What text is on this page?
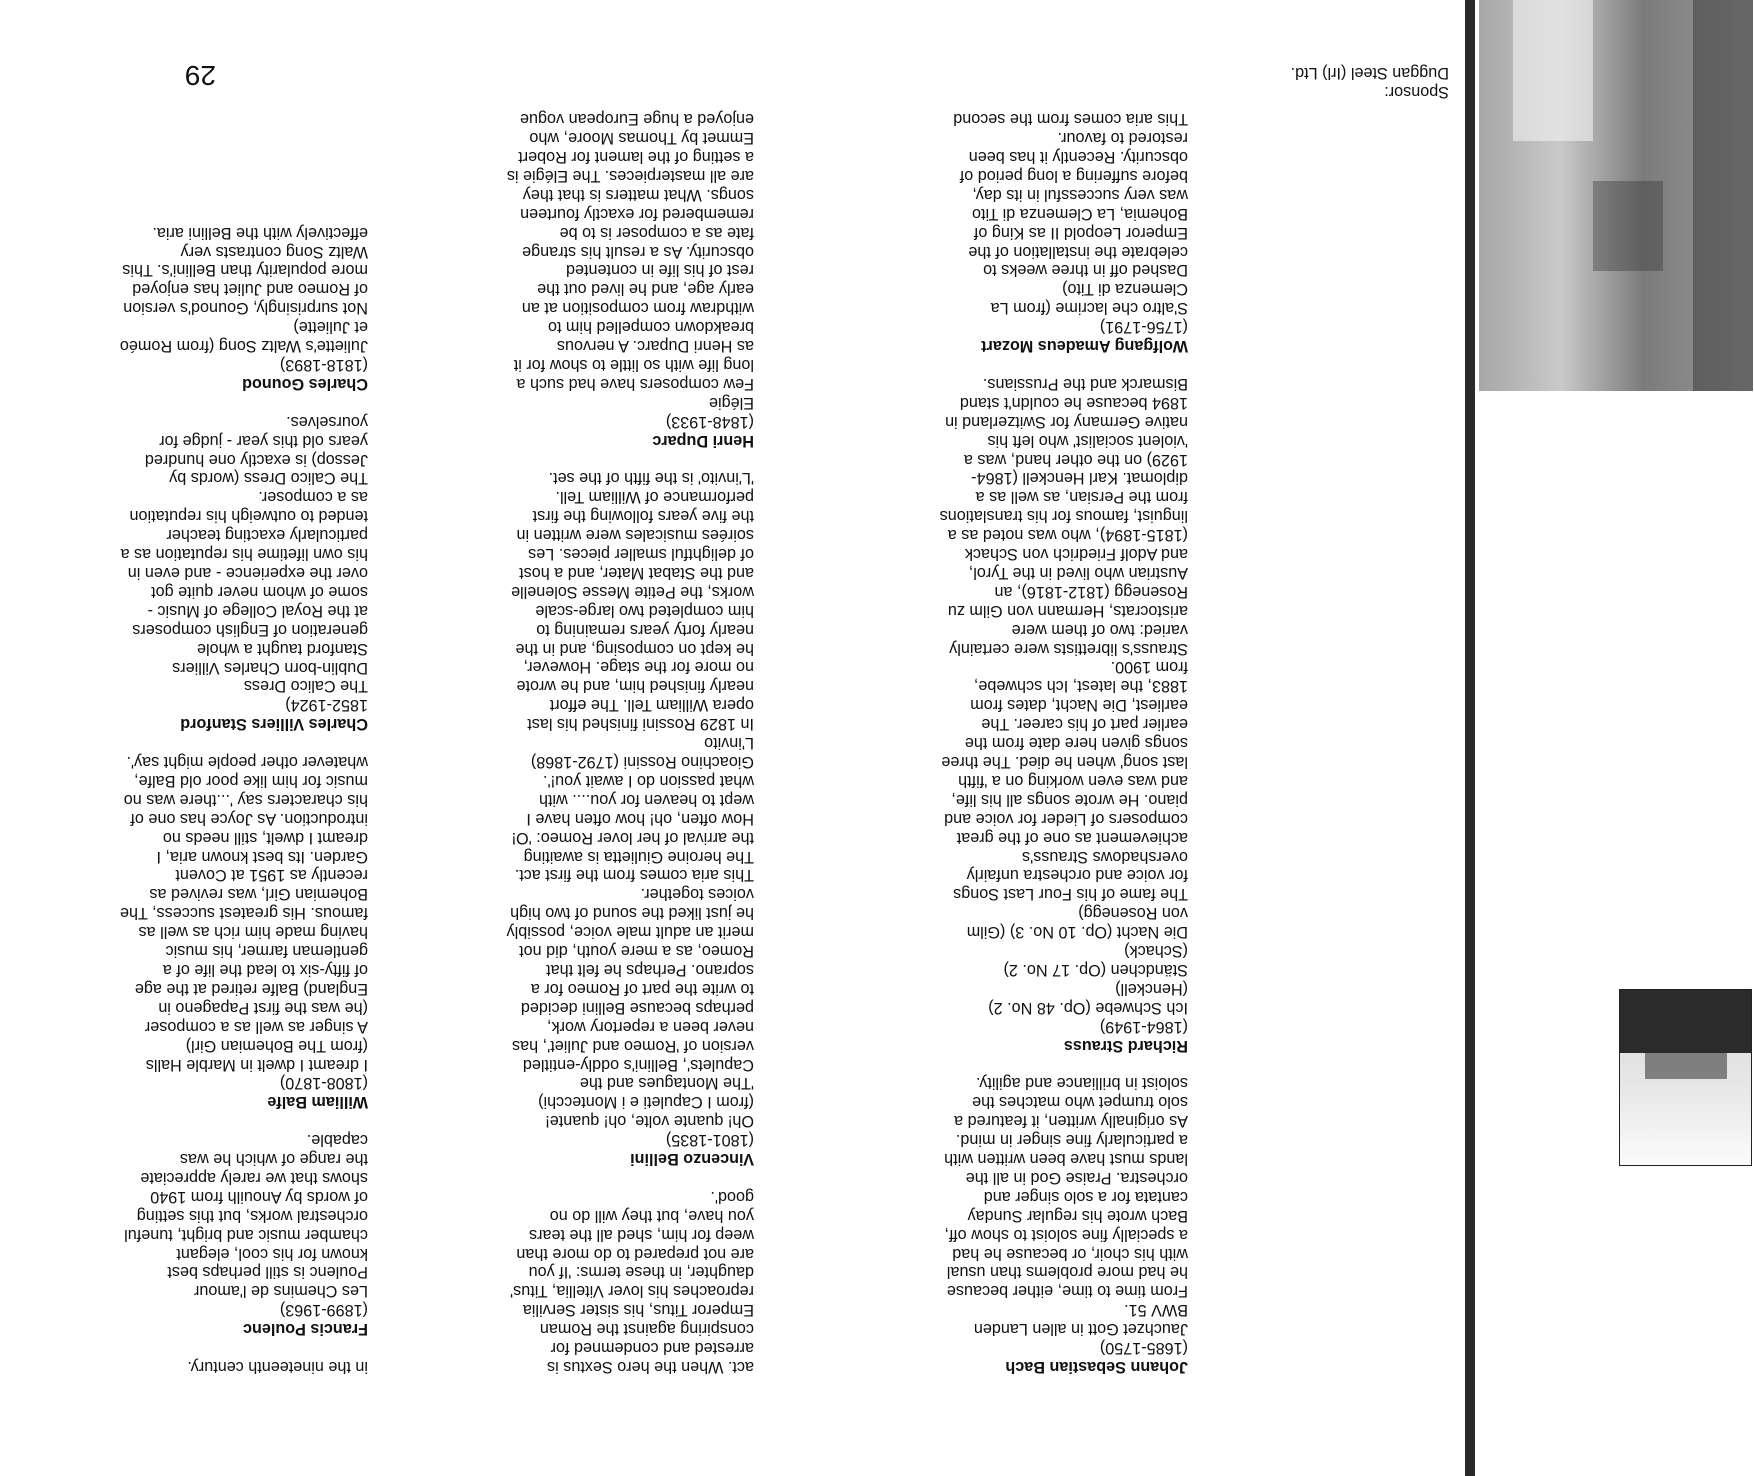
Sponsor:
Duggan Steel (Irl) Ltd.
Johann Sebastian Bach

(1685-1750)
Jauchzet Gott in allen Landen
BWV 51.
From time to time, either because
he had more problems than usual
with his choir, or because he had
a specially fine soloist to show off,
Bach wrote his regular Sunday
cantata for a solo singer and
orchestra. Praise God in all the
lands must have been written with
a particularly fine singer in mind.
As originally written, it featured a
solo trumpet who matches the
soloist in brilliance and agility.

Richard Strauss

(1864-1949)
Ich Schwebe (Op. 48 No. 2)
(Henckell)
Ständchen (Op. 17 No. 2)
(Schack)
Die Nacht (Op. 10 No. 3) (Gilm
von Rosenegg)
The fame of his Four Last Songs
for voice and orchestra unfairly
overshadows Strauss's
achievement as one of the great
composers of Lieder for voice and
piano. He wrote songs all his life,
and was even working on a 'fifth
last song' when he died. The three
songs given here date from the
earlier part of his career. The
earliest, Die Nacht, dates from
1883, the latest, Ich schwebe,
from 1900.
Strauss's librettists were certainly
varied: two of them were
aristocrats, Hermann von Gilm zu
Rosenegg (1812-1816), an
Austrian who lived in the Tyrol,
and Adolf Friedrich von Schack
(1815-1894), who was noted as a
linguist, famous for his translations
from the Persian, as well as a
diplomat. Karl Henckell (1864-
1929) on the other hand, was a
'violent socialist' who left his
native Germany for Switzerland in
1894 because he couldn't stand
Bismarck and the Prussians.

Wolfgang Amadeus Mozart

(1756-1791)
S'altro che lacrime (from La
Clemenza di Tito)
Dashed off in three weeks to
celebrate the installation of the
Emperor Leopold II as King of
Bohemia, La Clemenza di Tito
was very successful in its day,
before suffering a long period of
obscurity. Recently it has been
restored to favour.
This aria comes from the second

act. When the hero Sextus is
arrested and condemned for
conspiring against the Roman
Emperor Titus, his sister Servilia
reproaches his lover Vitellia, Titus'
daughter, in these terms: 'If you
are not prepared to do more than
weep for him, shed all the tears
you have, but they will do no
good'.

Vincenzo Bellini

(1801-1835)
Oh! quante volte, oh! quante!
(from I Capuleti e i Montecchi)
'The Montagues and the
Capulets', Bellini's oddly-entitled
version of 'Romeo and Juliet', has
never been a repertory work,
perhaps because Bellini decided
to write the part of Romeo for a
soprano. Perhaps he felt that
Romeo, as a mere youth, did not
merit an adult male voice, possibly
he just liked the sound of two high
voices together.
This aria comes from the first act.
The heroine Giulietta is awaiting
the arrival of her lover Romeo: 'O!
How often, oh! how often have I
wept to heaven for you.... with
what passion do I await you!'.
Gioachino Rossini (1792-1868)
L'invito
In 1829 Rossini finished his last
opera William Tell. The effort
nearly finished him, and he wrote
no more for the stage. However,
he kept on composing, and in the
nearly forty years remaining to
him completed two large-scale
works, the Petite Messe Solenelle
and the Stabat Mater, and a host
of delightful smaller pieces. Les
soirées musicales were written in
the five years following the first
performance of William Tell.
'L'invito' is the fifth of the set.

Henri Duparc

(1848-1933)
Elégie
Few composers have had such a
long life with so little to show for it
as Henri Duparc. A nervous
breakdown compelled him to
withdraw from composition at an
early age, and he lived out the
rest of his life in contented
obscurity. As a result his strange
fate as a composer is to be
remembered for exactly fourteen
songs. What matters is that they
are all masterpieces. The Elégie is
a setting of the lament for Robert
Emmet by Thomas Moore, who
enjoyed a huge European vogue

in the nineteenth century.

Francis Poulenc

(1899-1963)
Les Chemins de l'amour
Poulenc is still perhaps best
known for his cool, elegant
chamber music and bright, tuneful
orchestral works, but this setting
of words by Anouilh from 1940
shows that we rarely appreciate
the range of which he was
capable.

William Balfe

(1808-1870)
I dreamt I dwelt in Marble Halls
(from The Bohemian Girl)
A singer as well as a composer
(he was the first Papageno in
England) Balfe retired at the age
of fifty-six to lead the life of a
gentleman farmer, his music
having made him rich as well as
famous. His greatest success, The
Bohemian Girl, was revived as
recently as 1951 at Covent
Garden. Its best known aria, I
dreamt I dwelt, still needs no
introduction. As Joyce has one of
his characters say '...there was no
music for him like poor old Balfe,
whatever other people might say'.

Charles Villiers Stanford

1852-1924)
The Calico Dress
Dublin-born Charles Villiers
Stanford taught a whole
generation of English composers
at the Royal College of Music -
some of whom never quite got
over the experience - and even in
his own lifetime his reputation as a
particularly exacting teacher
tended to outweigh his reputation
as a composer.
The Calico Dress (words by
Jessop) is exactly one hundred
years old this year - judge for
yourselves.

Charles Gounod

(1818-1893)
Juliette's Waltz Song (from Roméo
et Juliette)
Not surprisingly, Gounod's version
of Romeo and Juliet has enjoyed
more popularity than Bellini's. This
Waltz Song contrasts very
effectively with the Bellini aria.

29
